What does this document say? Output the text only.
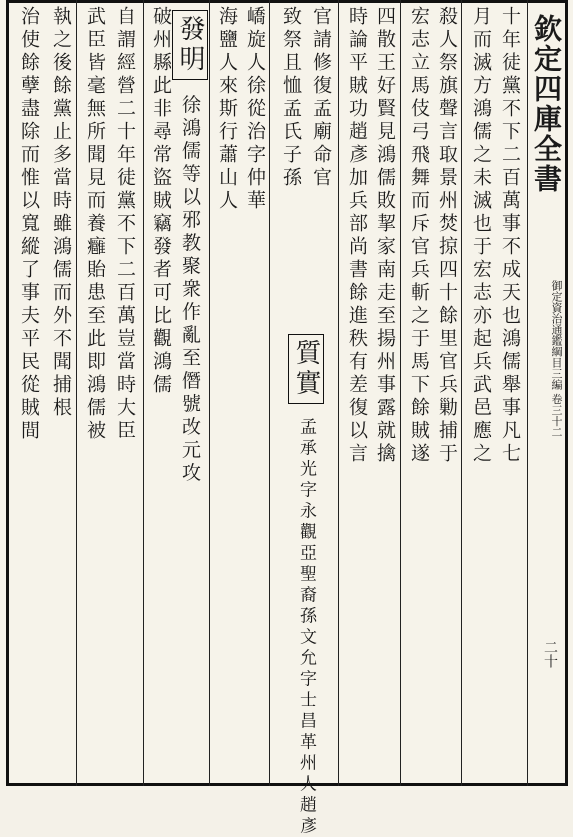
欽定四庫全書
御定資治通鑑綱目三編 卷三十二
二十
十年徒黨不下二百萬事不成天也鴻儒舉事凡七
月而滅方鴻儒之未滅也于宏志亦起兵武邑應之
殺人祭旗聲言取景州焚掠四十餘里官兵勦捕于
宏志立馬伎弓飛舞而斥官兵斬之于馬下餘賊遂
四散王好賢見鴻儒敗挈家南走至揚州事露就擒
時論平賊功趙彥加兵部尚書餘進秩有差復以言
官請修復孟廟命官
致祭且恤孟氏子孫
嶠旋人徐從治字仲華
海鹽人來斯行蕭山人
質實 孟承光字永觀亞聖裔孫文允字士昌革州人趙彥
發明 徐鴻儒等以邪教聚衆作亂至僭號改元攻
破州縣此非尋常盜賊竊發者可比觀鴻儒
自謂經營二十年徒黨不下二百萬豈當時大臣
武臣皆毫無所聞見而養癰貽患至此即鴻儒被
執之後餘黨止多當時雖鴻儒而外不聞捕根
治使餘孽盡除而惟以寬縱了事夫平民從賊間
